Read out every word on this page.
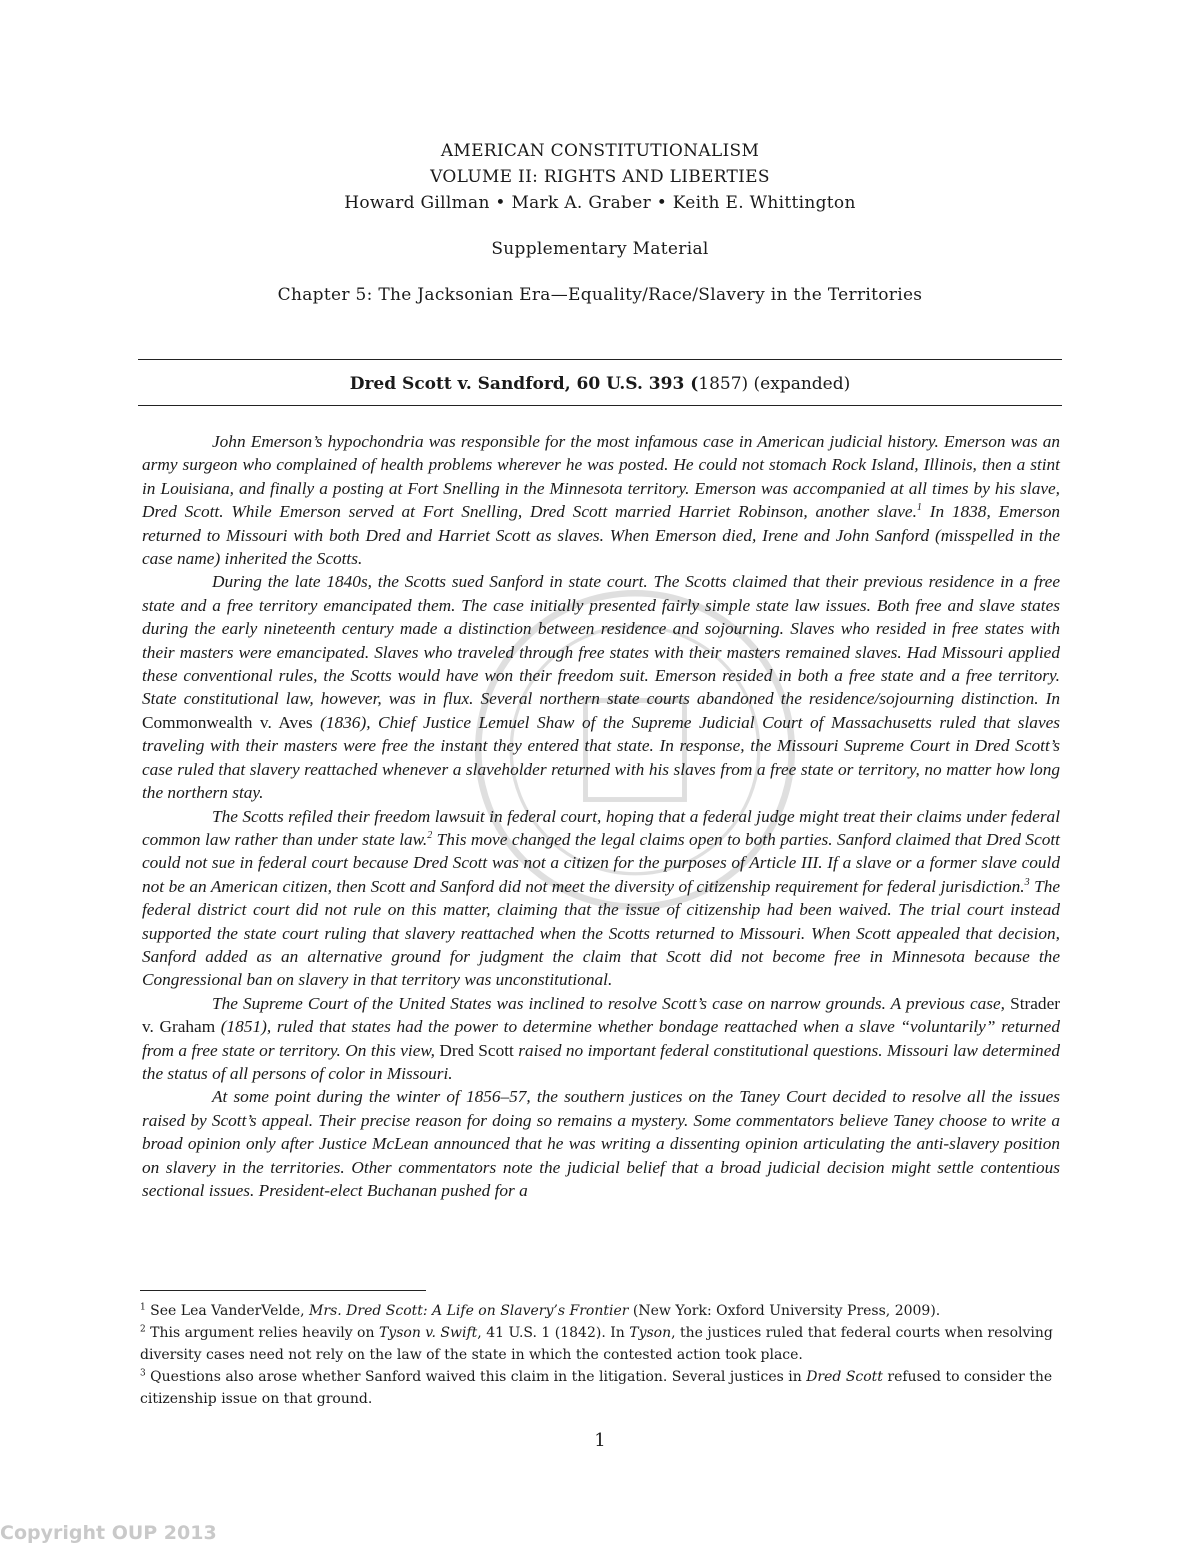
AMERICAN CONSTITUTIONALISM
VOLUME II: RIGHTS AND LIBERTIES
Howard Gillman • Mark A. Graber • Keith E. Whittington
Supplementary Material
Chapter 5: The Jacksonian Era—Equality/Race/Slavery in the Territories
Dred Scott v. Sandford, 60 U.S. 393 (1857) (expanded)

John Emerson’s hypochondria was responsible for the most infamous case in American judicial history. Emerson was an army surgeon who complained of health problems wherever he was posted. He could not stomach Rock Island, Illinois, then a stint in Louisiana, and finally a posting at Fort Snelling in the Minnesota territory. Emerson was accompanied at all times by his slave, Dred Scott. While Emerson served at Fort Snelling, Dred Scott married Harriet Robinson, another slave.$^1$ In 1838, Emerson returned to Missouri with both Dred and Harriet Scott as slaves. When Emerson died, Irene and John Sanford (misspelled in the case name) inherited the Scotts.

During the late 1840s, the Scotts sued Sanford in state court. The Scotts claimed that their previous residence in a free state and a free territory emancipated them. The case initially presented fairly simple state law issues. Both free and slave states during the early nineteenth century made a distinction between residence and sojourning. Slaves who resided in free states with their masters were emancipated. Slaves who traveled through free states with their masters remained slaves. Had Missouri applied these conventional rules, the Scotts would have won their freedom suit. Emerson resided in both a free state and a free territory. State constitutional law, however, was in flux. Several northern state courts abandoned the residence/sojourning distinction. In Commonwealth v. Aves (1836), Chief Justice Lemuel Shaw of the Supreme Judicial Court of Massachusetts ruled that slaves traveling with their masters were free the instant they entered that state. In response, the Missouri Supreme Court in Dred Scott’s case ruled that slavery reattached whenever a slaveholder returned with his slaves from a free state or territory, no matter how long the northern stay.

The Scotts refiled their freedom lawsuit in federal court, hoping that a federal judge might treat their claims under federal common law rather than under state law.$^2$ This move changed the legal claims open to both parties. Sanford claimed that Dred Scott could not sue in federal court because Dred Scott was not a citizen for the purposes of Article III. If a slave or a former slave could not be an American citizen, then Scott and Sanford did not meet the diversity of citizenship requirement for federal jurisdiction.$^3$ The federal district court did not rule on this matter, claiming that the issue of citizenship had been waived. The trial court instead supported the state court ruling that slavery reattached when the Scotts returned to Missouri. When Scott appealed that decision, Sanford added as an alternative ground for judgment the claim that Scott did not become free in Minnesota because the Congressional ban on slavery in that territory was unconstitutional.

The Supreme Court of the United States was inclined to resolve Scott’s case on narrow grounds. A previous case, Strader v. Graham (1851), ruled that states had the power to determine whether bondage reattached when a slave “voluntarily” returned from a free state or territory. On this view, Dred Scott raised no important federal constitutional questions. Missouri law determined the status of all persons of color in Missouri.

At some point during the winter of 1856–57, the southern justices on the Taney Court decided to resolve all the issues raised by Scott’s appeal. Their precise reason for doing so remains a mystery. Some commentators believe Taney choose to write a broad opinion only after Justice McLean announced that he was writing a dissenting opinion articulating the anti-slavery position on slavery in the territories. Other commentators note the judicial belief that a broad judicial decision might settle contentious sectional issues. President-elect Buchanan pushed for a

$^1$ See Lea VanderVelde, Mrs. Dred Scott: A Life on Slavery’s Frontier (New York: Oxford University Press, 2009).

$^2$ This argument relies heavily on Tyson v. Swift, 41 U.S. 1 (1842). In Tyson, the justices ruled that federal courts when resolving diversity cases need not rely on the law of the state in which the contested action took place.

$^3$ Questions also arose whether Sanford waived this claim in the litigation. Several justices in Dred Scott refused to consider the citizenship issue on that ground.

1
Copyright OUP 2013
